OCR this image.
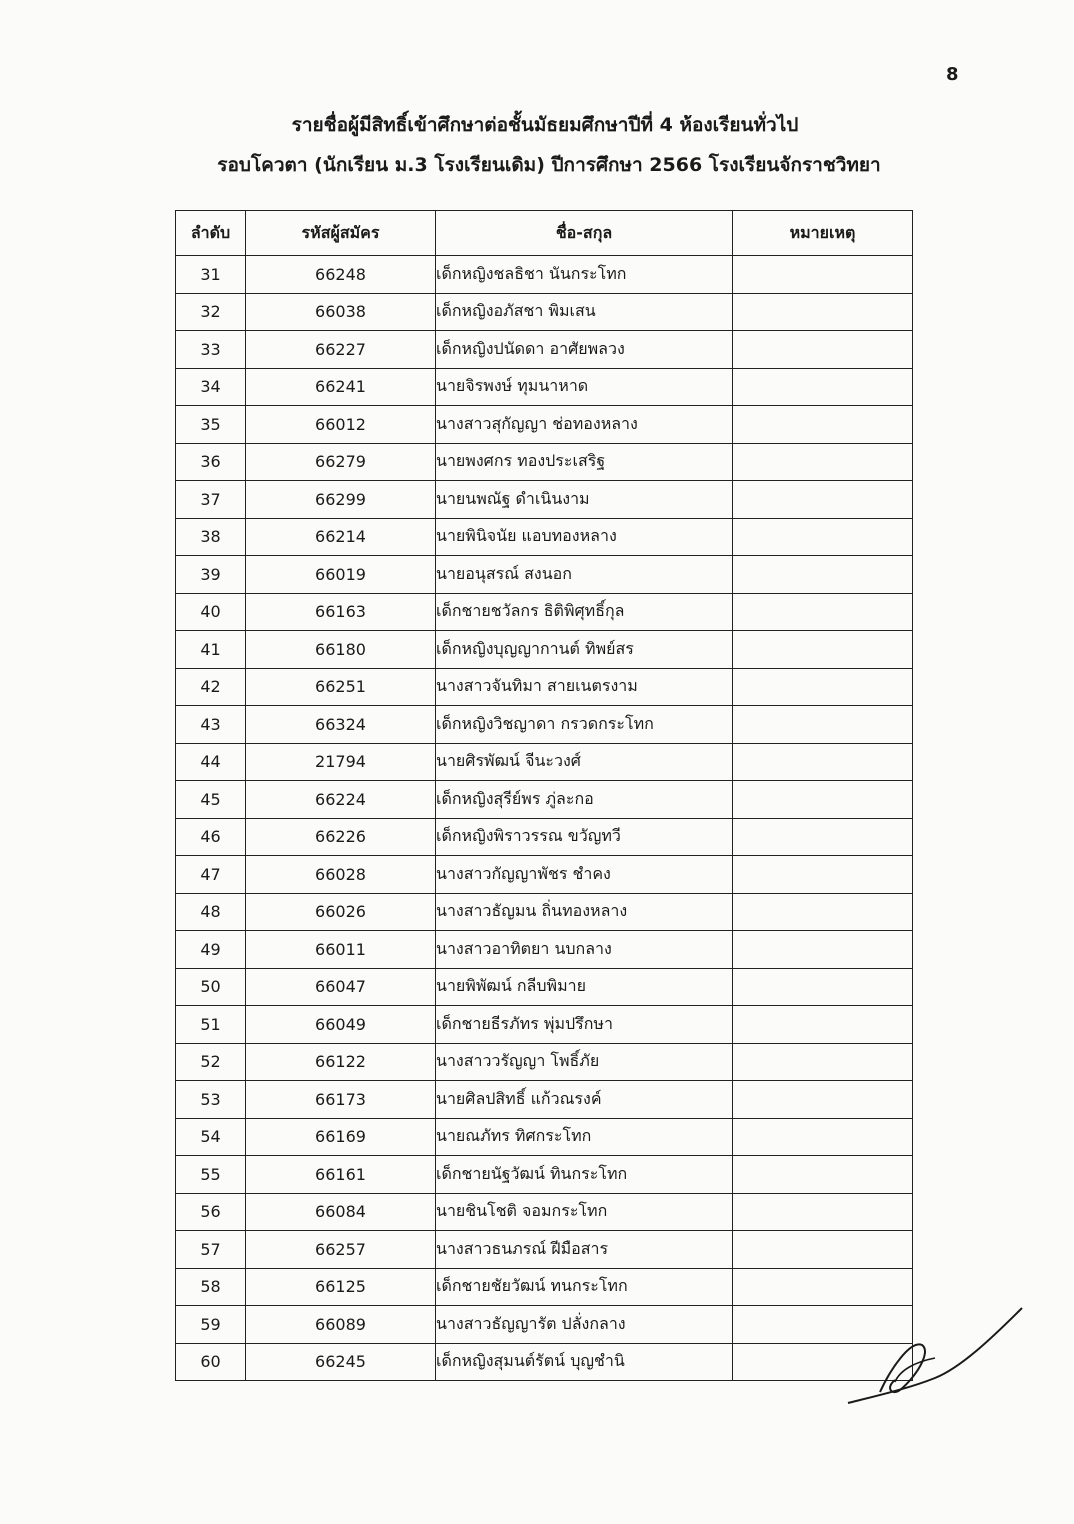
8
รายชื่อผู้มีสิทธิ์เข้าศึกษาต่อชั้นมัธยมศึกษาปีที่ 4 ห้องเรียนทั่วไป
รอบโควตา (นักเรียน ม.3 โรงเรียนเดิม) ปีการศึกษา 2566 โรงเรียนจักราชวิทยา
ลำดับ	รหัสผู้สมัคร	ชื่อ-สกุล	หมายเหตุ
31	66248	เด็กหญิงชลธิชา นันกระโทก	
32	66038	เด็กหญิงอภัสชา พิมเสน	
33	66227	เด็กหญิงปนัดดา อาศัยพลวง	
34	66241	นายจิรพงษ์ ทุมนาหาด	
35	66012	นางสาวสุกัญญา ช่อทองหลาง	
36	66279	นายพงศกร ทองประเสริฐ	
37	66299	นายนพณัฐ ดำเนินงาม	
38	66214	นายพินิจนัย แอบทองหลาง	
39	66019	นายอนุสรณ์ สงนอก	
40	66163	เด็กชายชวัลกร ธิติพิศุทธิ์กุล	
41	66180	เด็กหญิงบุญญากานต์ ทิพย์สร	
42	66251	นางสาวจันทิมา สายเนตรงาม	
43	66324	เด็กหญิงวิชญาดา กรวดกระโทก	
44	21794	นายศิรพัฒน์ จีนะวงศ์	
45	66224	เด็กหญิงสุรีย์พร ภู่ละกอ	
46	66226	เด็กหญิงพิราวรรณ ขวัญทวี	
47	66028	นางสาวกัญญาพัชร ชำคง	
48	66026	นางสาวธัญมน ถิ่นทองหลาง	
49	66011	นางสาวอาทิตยา นบกลาง	
50	66047	นายพิพัฒน์ กลีบพิมาย	
51	66049	เด็กชายธีรภัทร พุ่มปรึกษา	
52	66122	นางสาววรัญญา โพธิ์ภัย	
53	66173	นายศิลปสิทธิ์ แก้วณรงค์	
54	66169	นายณภัทร ทิศกระโทก	
55	66161	เด็กชายนัฐวัฒน์ ทินกระโทก	
56	66084	นายชินโชติ จอมกระโทก	
57	66257	นางสาวธนภรณ์ ฝีมือสาร	
58	66125	เด็กชายชัยวัฒน์ ทนกระโทก	
59	66089	นางสาวธัญญารัต ปลั่งกลาง	
60	66245	เด็กหญิงสุมนต์รัตน์ บุญชำนิ	
